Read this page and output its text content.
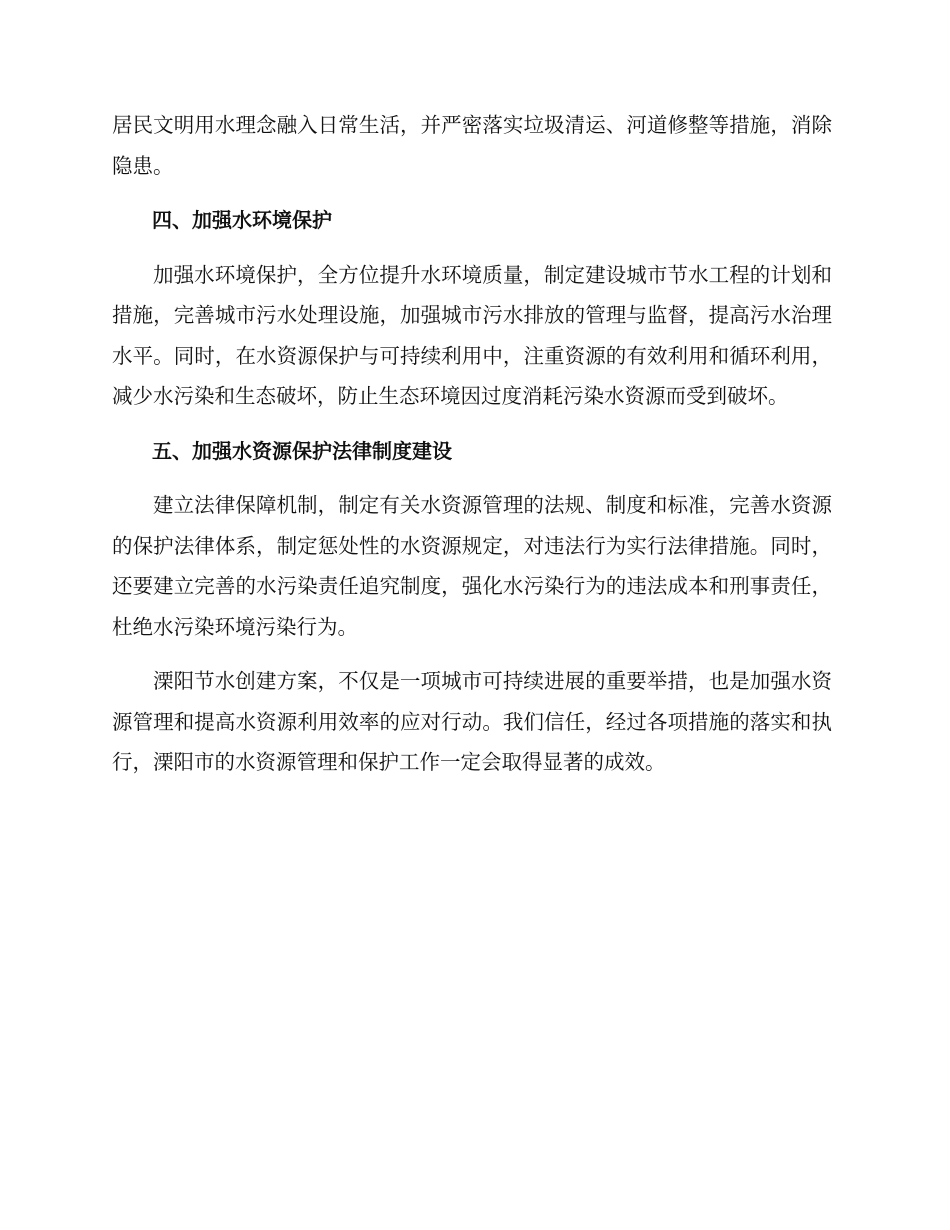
居民文明用水理念融入日常生活，并严密落实垃圾清运、河道修整等措施，消除隐患。

四、加强水环境保护

加强水环境保护，全方位提升水环境质量，制定建设城市节水工程的计划和措施，完善城市污水处理设施，加强城市污水排放的管理与监督，提高污水治理水平。同时，在水资源保护与可持续利用中，注重资源的有效利用和循环利用，减少水污染和生态破坏，防止生态环境因过度消耗污染水资源而受到破坏。

五、加强水资源保护法律制度建设

建立法律保障机制，制定有关水资源管理的法规、制度和标准，完善水资源的保护法律体系，制定惩处性的水资源规定，对违法行为实行法律措施。同时，还要建立完善的水污染责任追究制度，强化水污染行为的违法成本和刑事责任，杜绝水污染环境污染行为。

溧阳节水创建方案，不仅是一项城市可持续进展的重要举措，也是加强水资源管理和提高水资源利用效率的应对行动。我们信任，经过各项措施的落实和执行，溧阳市的水资源管理和保护工作一定会取得显著的成效。
